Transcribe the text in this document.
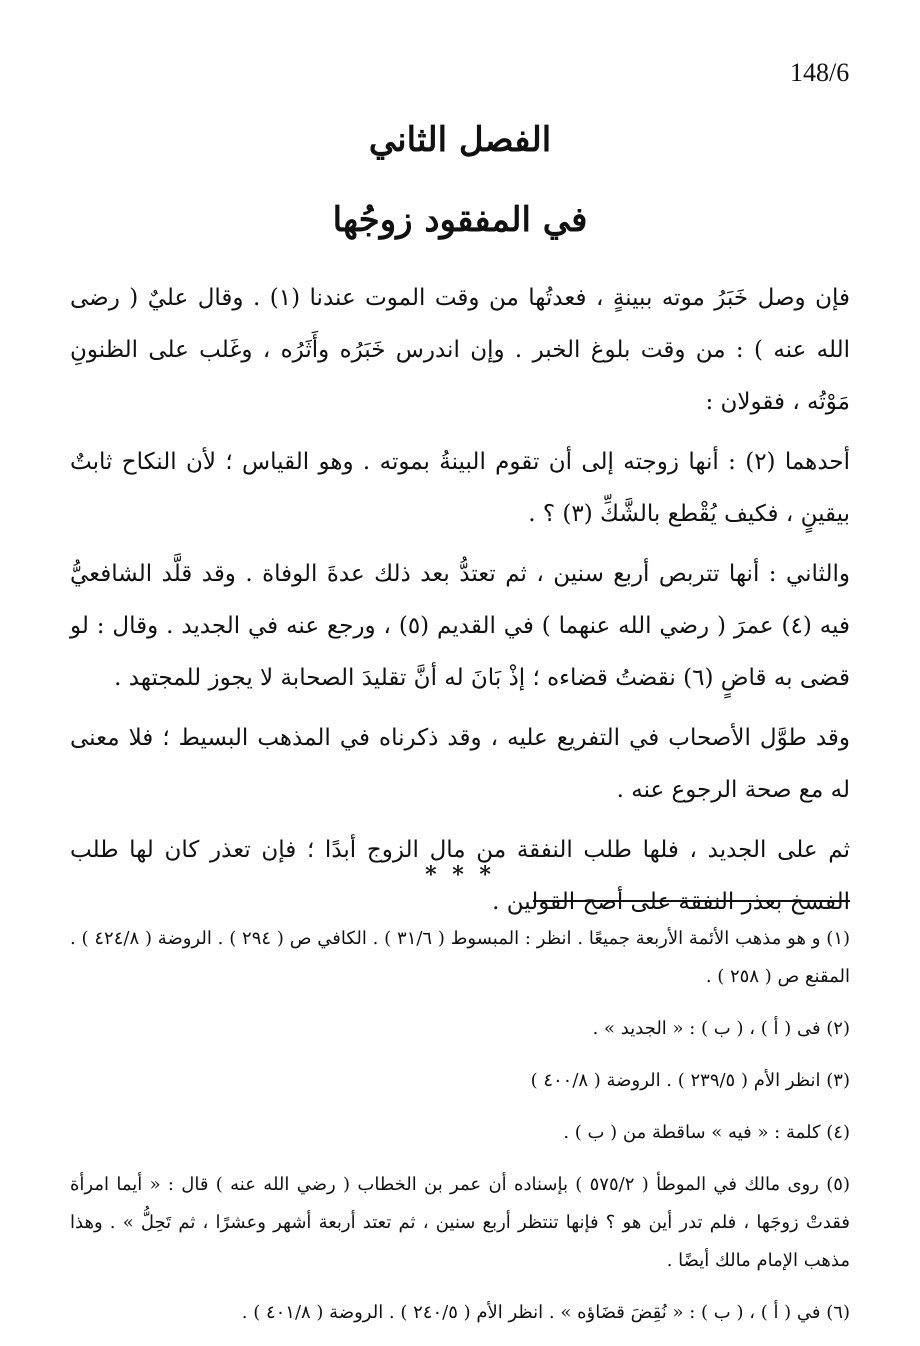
148/6
الفصل الثاني
في المفقود زوجُها

فإن وصل خَبَرُ موته ببينةٍ ، فعدتُها من وقت الموت عندنا (١) . وقال عليٌ ( رضى الله عنه ) : من وقت بلوغ الخبر . وإن اندرس خَبَرُه وأَثَرُه ، وغَلب على الظنونِ مَوْتُه ، فقولان :

أحدهما (٢) : أنها زوجته إلى أن تقوم البينةُ بموته . وهو القياس ؛ لأن النكاح ثابتٌ بيقينٍ ، فكيف يُقْطع بالشَّكِّ (٣) ؟ .

والثاني : أنها تتربص أربع سنين ، ثم تعتدُّ بعد ذلك عدةَ الوفاة . وقد قلَّد الشافعيُّ فيه (٤) عمرَ ( رضي الله عنهما ) في القديم (٥) ، ورجع عنه في الجديد . وقال : لو قضى به قاضٍ (٦) نقضتُ قضاءه ؛ إذْ بَانَ له أنَّ تقليدَ الصحابة لا يجوز للمجتهد .

وقد طوَّل الأصحاب في التفريع عليه ، وقد ذكرناه في المذهب البسيط ؛ فلا معنى له مع صحة الرجوع عنه .

ثم على الجديد ، فلها طلب النفقة من مال الزوج أبدًا ؛ فإن تعذر كان لها طلب الفسخ بعذر النفقة على أصح القولين .

* * *

(١) و هو مذهب الأئمة الأربعة جميعًا . انظر : المبسوط ( ٣١/٦ ) . الكافي ص ( ٢٩٤ ) . الروضة ( ٤٢٤/٨ ) . المقنع ص ( ٢٥٨ ) .

(٢) فى ( أ ) ، ( ب ) : « الجديد » .

(٣) انظر الأم ( ٢٣٩/٥ ) . الروضة ( ٤٠٠/٨ )

(٤) كلمة : « فيه » ساقطة من ( ب ) .

(٥) روى مالك في الموطأ ( ٥٧٥/٢ ) بإسناده أن عمر بن الخطاب ( رضي الله عنه ) قال : « أيما امرأة فقدتْ زوجَها ، فلم تدر أين هو ؟ فإنها تنتظر أربع سنين ، ثم تعتد أربعة أشهر وعشرًا ، ثم تَحِلُّ » . وهذا مذهب الإمام مالك أيضًا .

(٦) في ( أ ) ، ( ب ) : « نُقِضَ قضَاؤه » . انظر الأم ( ٢٤٠/٥ ) . الروضة ( ٤٠١/٨ ) .
